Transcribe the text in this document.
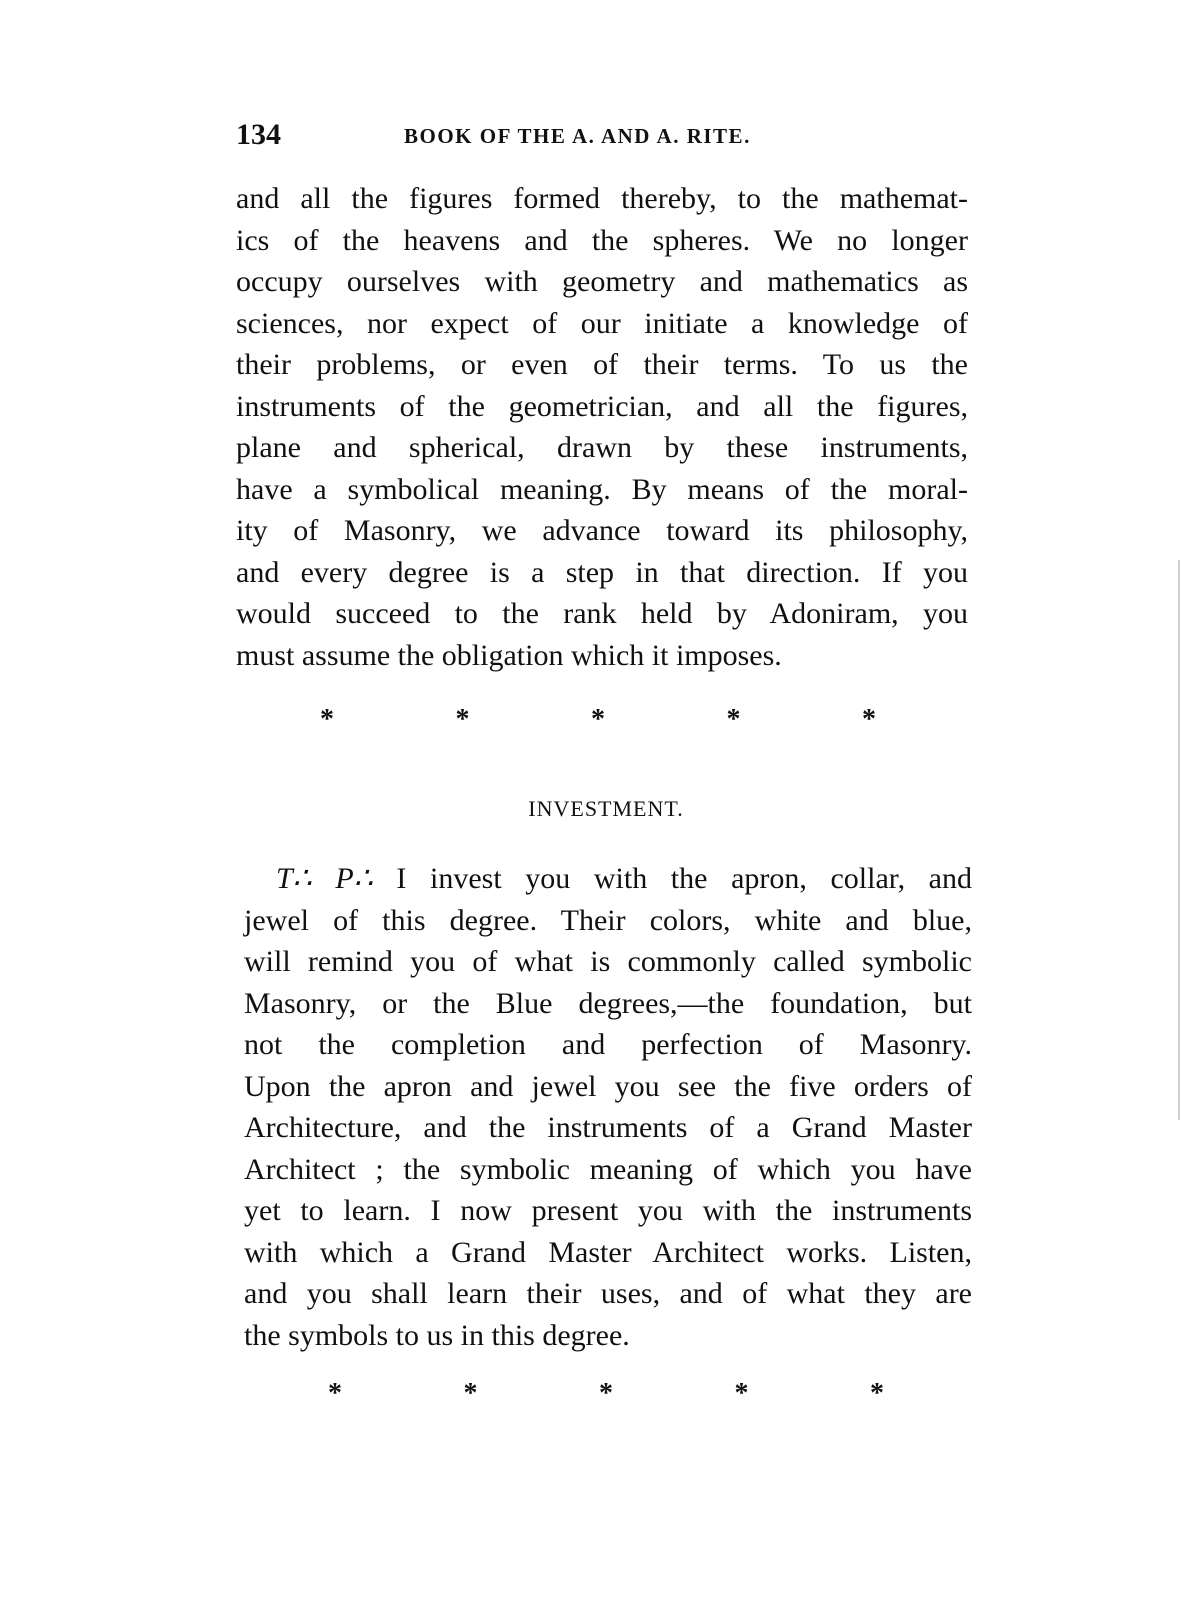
134	BOOK OF THE A. AND A. RITE.
and all the figures formed thereby, to the mathemat-
ics of the heavens and the spheres. We no longer
occupy ourselves with geometry and mathematics as
sciences, nor expect of our initiate a knowledge of
their problems, or even of their terms. To us the
instruments of the geometrician, and all the figures,
plane and spherical, drawn by these instruments,
have a symbolical meaning. By means of the moral-
ity of Masonry, we advance toward its philosophy,
and every degree is a step in that direction. If you
would succeed to the rank held by Adoniram, you
must assume the obligation which it imposes.
*	*	*	*	*
INVESTMENT.
T∴ P∴ I invest you with the apron, collar, and
jewel of this degree. Their colors, white and blue,
will remind you of what is commonly called symbolic
Masonry, or the Blue degrees,—the foundation, but
not the completion and perfection of Masonry.
Upon the apron and jewel you see the five orders of
Architecture, and the instruments of a Grand Master
Architect ; the symbolic meaning of which you have
yet to learn. I now present you with the instruments
with which a Grand Master Architect works. Listen,
and you shall learn their uses, and of what they are
the symbols to us in this degree.
*	*	*	*	*
